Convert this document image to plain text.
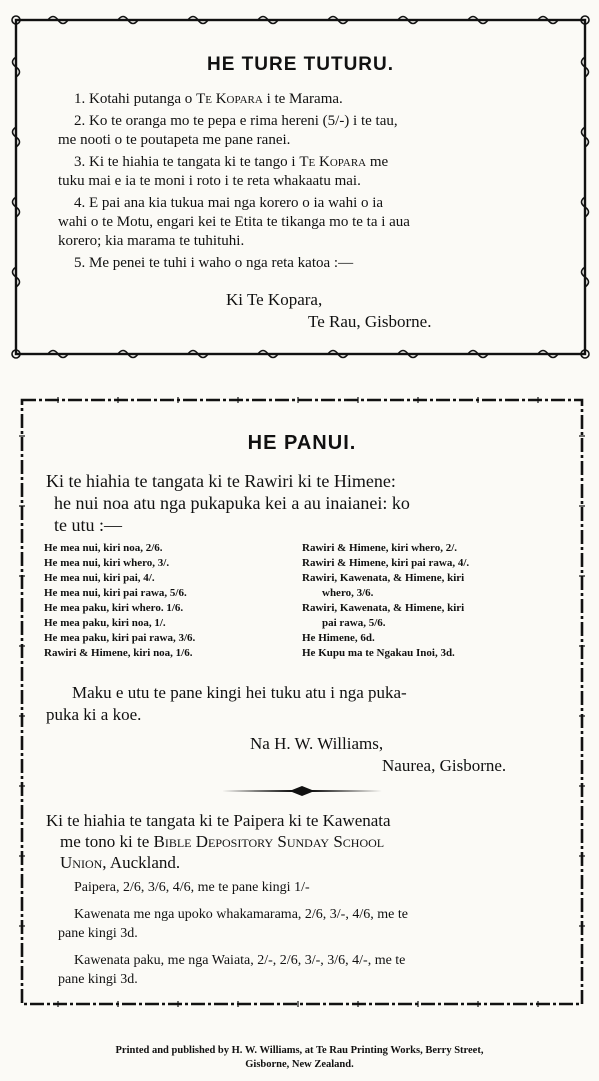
HE TURE TUTURU.

1. Kotahi putanga o Te Kopara i te Marama.

2. Ko te oranga mo te pepa e rima hereni (5/-) i te tau,

me nooti o te poutapeta me pane ranei.

3. Ki te hiahia te tangata ki te tango i Te Kopara me

tuku mai e ia te moni i roto i te reta whakaatu mai.

4. E pai ana kia tukua mai nga korero o ia wahi o ia

wahi o te Motu, engari kei te Etita te tikanga mo te ta i aua

korero; kia marama te tuhituhi.

5. Me penei te tuhi i waho o nga reta katoa :—

Ki Te Kopara,
Te Rau, Gisborne.
HE PANUI.

Ki te hiahia te tangata ki te Rawiri ki te Himene:

he nui noa atu nga pukapuka kei a au inaianei: ko

te utu :—

He mea nui, kiri noa, 2/6.
He mea nui, kiri whero, 3/.
He mea nui, kiri pai, 4/.
He mea nui, kiri pai rawa, 5/6.
He mea paku, kiri whero. 1/6.
He mea paku, kiri noa, 1/.
He mea paku, kiri pai rawa, 3/6.
Rawiri & Himene, kiri noa, 1/6.
Rawiri & Himene, kiri whero, 2/.
Rawiri & Himene, kiri pai rawa, 4/.
Rawiri, Kawenata, & Himene, kiri
whero, 3/6.
Rawiri, Kawenata, & Himene, kiri
pai rawa, 5/6.
He Himene, 6d.
He Kupu ma te Ngakau Inoi, 3d.

Maku e utu te pane kingi hei tuku atu i nga puka-

puka ki a koe.

Na H. W. Williams,
Naurea, Gisborne.

Ki te hiahia te tangata ki te Paipera ki te Kawenata

me tono ki te Bible Depository Sunday School

Union, Auckland.

Paipera, 2/6, 3/6, 4/6, me te pane kingi 1/-

Kawenata me nga upoko whakamarama, 2/6, 3/-, 4/6, me te

pane kingi 3d.

Kawenata paku, me nga Waiata, 2/-, 2/6, 3/-, 3/6, 4/-, me te

pane kingi 3d.

Printed and published by H. W. Williams, at Te Rau Printing Works, Berry Street,
Gisborne, New Zealand.
